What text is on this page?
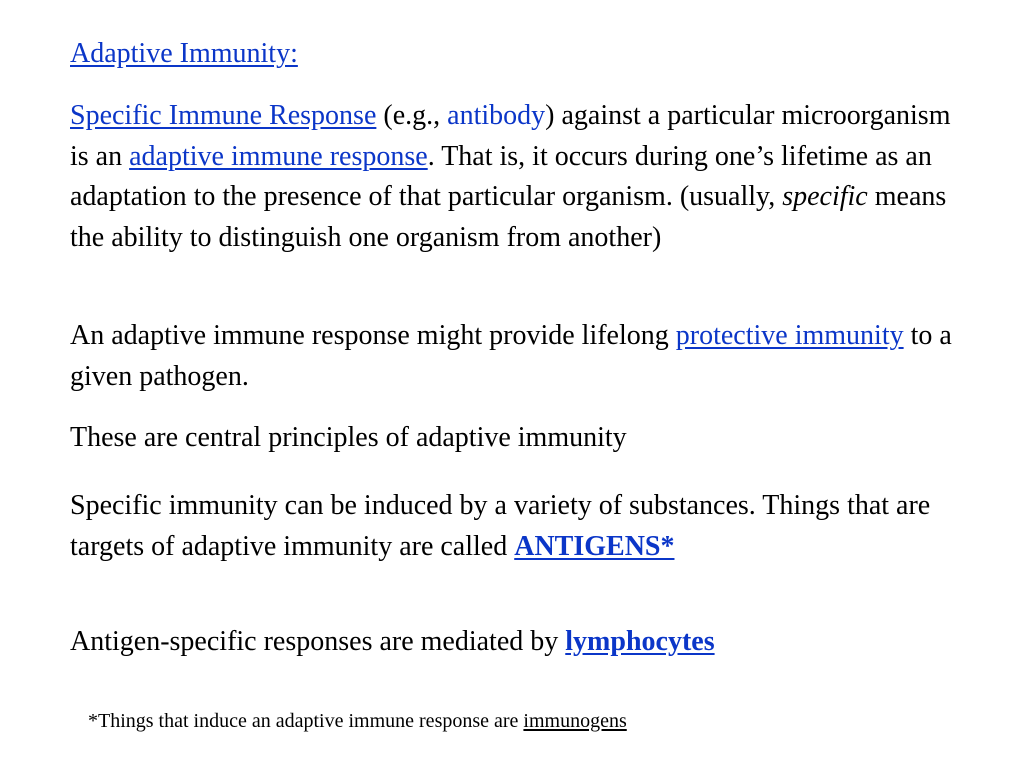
Adaptive Immunity:
Specific Immune Response (e.g., antibody) against a particular microorganism is an adaptive immune response. That is, it occurs during one’s lifetime as an adaptation to the presence of that particular organism. (usually, specific means the ability to distinguish one organism from another)
An adaptive immune response might provide lifelong protective immunity to a given pathogen.
These are central principles of adaptive immunity
Specific immunity can be induced by a variety of substances. Things that are targets of adaptive immunity are called ANTIGENS*
Antigen-specific responses are mediated by lymphocytes
*Things that induce an adaptive immune response are immunogens
